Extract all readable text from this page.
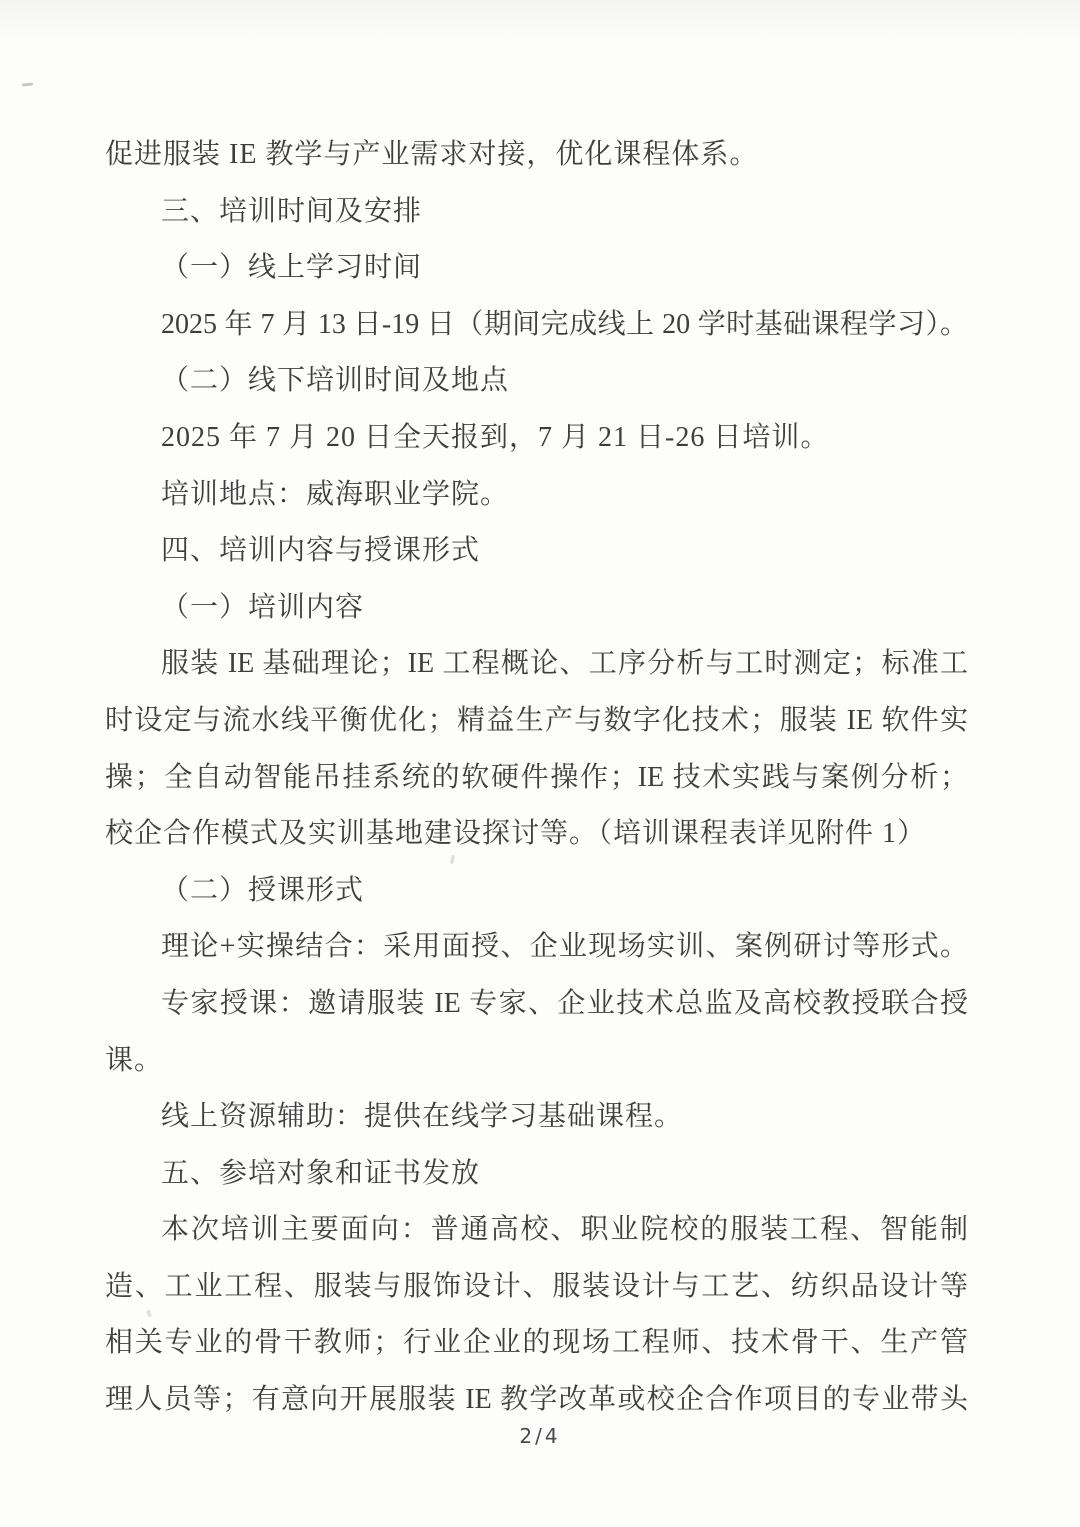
促进服装 IE 教学与产业需求对接，优化课程体系。
三、培训时间及安排
（一）线上学习时间
2025 年 7 月 13 日-19 日（期间完成线上 20 学时基础课程学习）。
（二）线下培训时间及地点
2025 年 7 月 20 日全天报到，7 月 21 日-26 日培训。
培训地点：威海职业学院。
四、培训内容与授课形式
（一）培训内容
服装 IE 基础理论；IE 工程概论、工序分析与工时测定；标准工
时设定与流水线平衡优化；精益生产与数字化技术；服装 IE 软件实
操；全自动智能吊挂系统的软硬件操作；IE 技术实践与案例分析；
校企合作模式及实训基地建设探讨等。（培训课程表详见附件 1）
（二）授课形式
理论+实操结合：采用面授、企业现场实训、案例研讨等形式。
专家授课：邀请服装 IE 专家、企业技术总监及高校教授联合授
课。
线上资源辅助：提供在线学习基础课程。
五、参培对象和证书发放
本次培训主要面向：普通高校、职业院校的服装工程、智能制
造、工业工程、服装与服饰设计、服装设计与工艺、纺织品设计等
相关专业的骨干教师；行业企业的现场工程师、技术骨干、生产管
理人员等；有意向开展服装 IE 教学改革或校企合作项目的专业带头
2/4
